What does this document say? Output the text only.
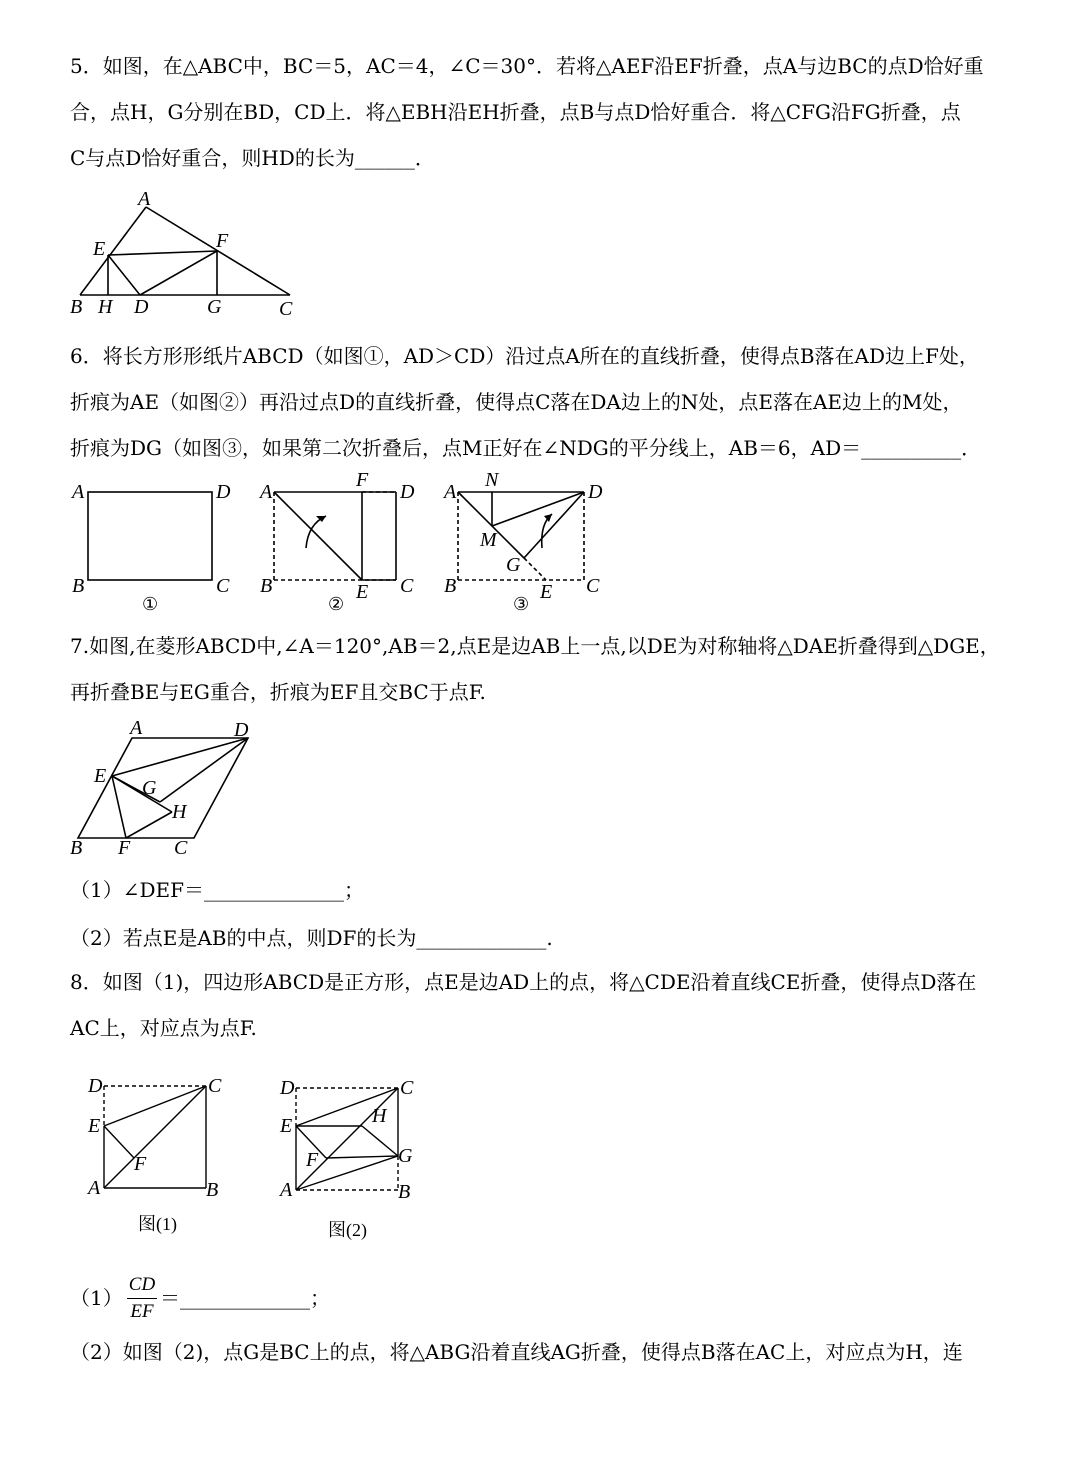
5．如图，在△ABC中，BC＝5，AC＝4，∠C＝30°．若将△AEF沿EF折叠，点A与边BC的点D恰好重
合，点H，G分别在BD，CD上．将△EBH沿EH折叠，点B与点D恰好重合．将△CFG沿FG折叠，点
C与点D恰好重合，则HD的长为______．
A
E	F
B H D	G	C
6．将长方形形纸片ABCD（如图①，AD＞CD）沿过点A所在的直线折叠，使得点B落在AD边上F处，
折痕为AE（如图②）再沿过点D的直线折叠，使得点C落在DA边上的N处，点E落在AE边上的M处，
折痕为DG（如图③，如果第二次折叠后，点M正好在∠NDG的平分线上，AB＝6，AD＝__________．
A	D
B	C
①
A
F
D
B	E C
②
A
N
D
M
G
B	E C
③
7.如图,在菱形ABCD中,∠A＝120°,AB＝2,点E是边AB上一点,以DE为对称轴将△DAE折叠得到△DGE，
再折叠BE与EG重合，折痕为EF且交BC于点F.
A	D
E
G
H
B F C
（1）∠DEF＝______________；
（2）若点E是AB的中点，则DF的长为_____________.
8．如图（1)，四边形ABCD是正方形，点E是边AD上的点，将△CDE沿着直线CE折叠，使得点D落在
AC上，对应点为点F.
D	C
E
F
A	B
图(1)
D	C
E	H
F	G
A	B
图(2)
（1）
CD
EF
＝_____________；
（2）如图（2)，点G是BC上的点，将△ABG沿着直线AG折叠，使得点B落在AC上，对应点为H，连
